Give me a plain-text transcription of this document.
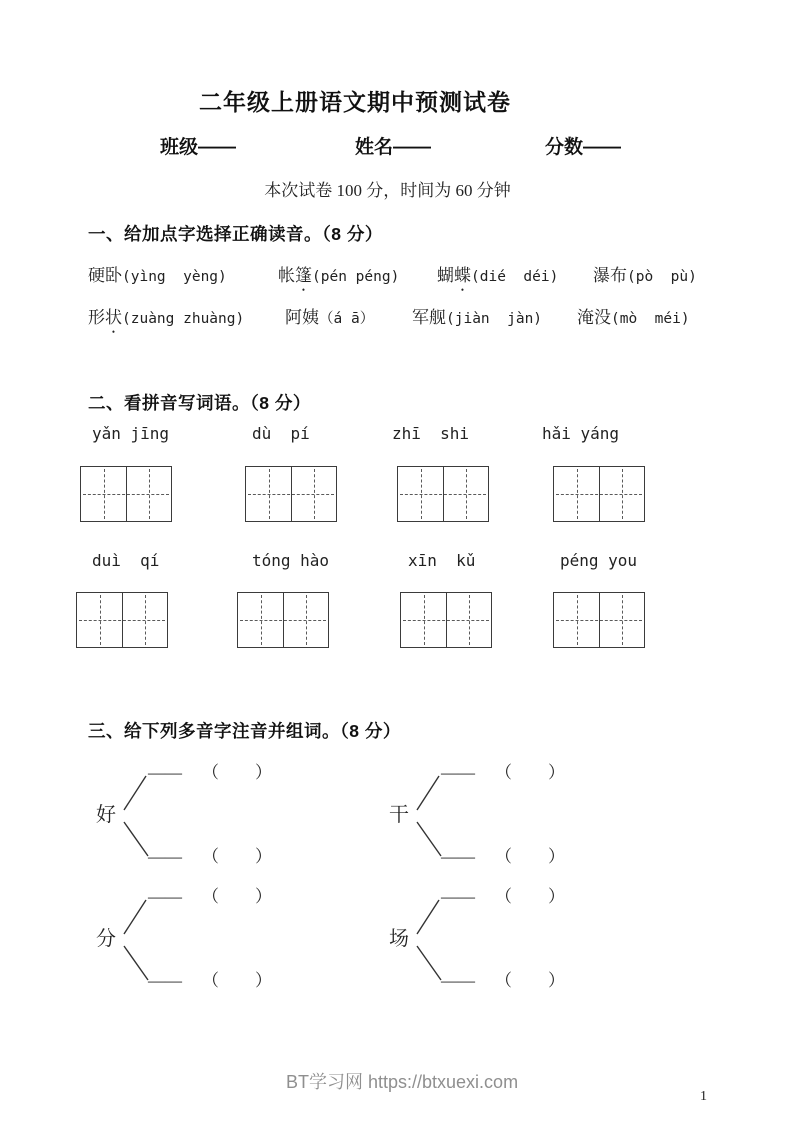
二年级上册语文期中预测试卷
班级——	姓名——	分数——
本次试卷 100 分，时间为 60 分钟
一、给加点字选择正确读音。（8 分）
硬卧(yìng  yèng)	帐篷(pén péng) 蝴蝶(dié  déi) 瀑布(pò  pù)
形状(zuàng zhuàng) 阿姨（á ā） 军舰(jiàn  jàn) 淹没(mò  méi)
二、看拼音写词语。（8 分）
yǎn jīng	dù  pí	zhī  shi	hǎi yáng
duì  qí	tóng hào	xīn  kǔ	péng you
三、给下列多音字注音并组词。（8 分）
好
—— （ ）
—— （ ）
干
—— （ ）
—— （ ）
分
—— （ ）
—— （ ）
场
—— （ ）
—— （ ）
BT学习网 https://btxuexi.com
1
